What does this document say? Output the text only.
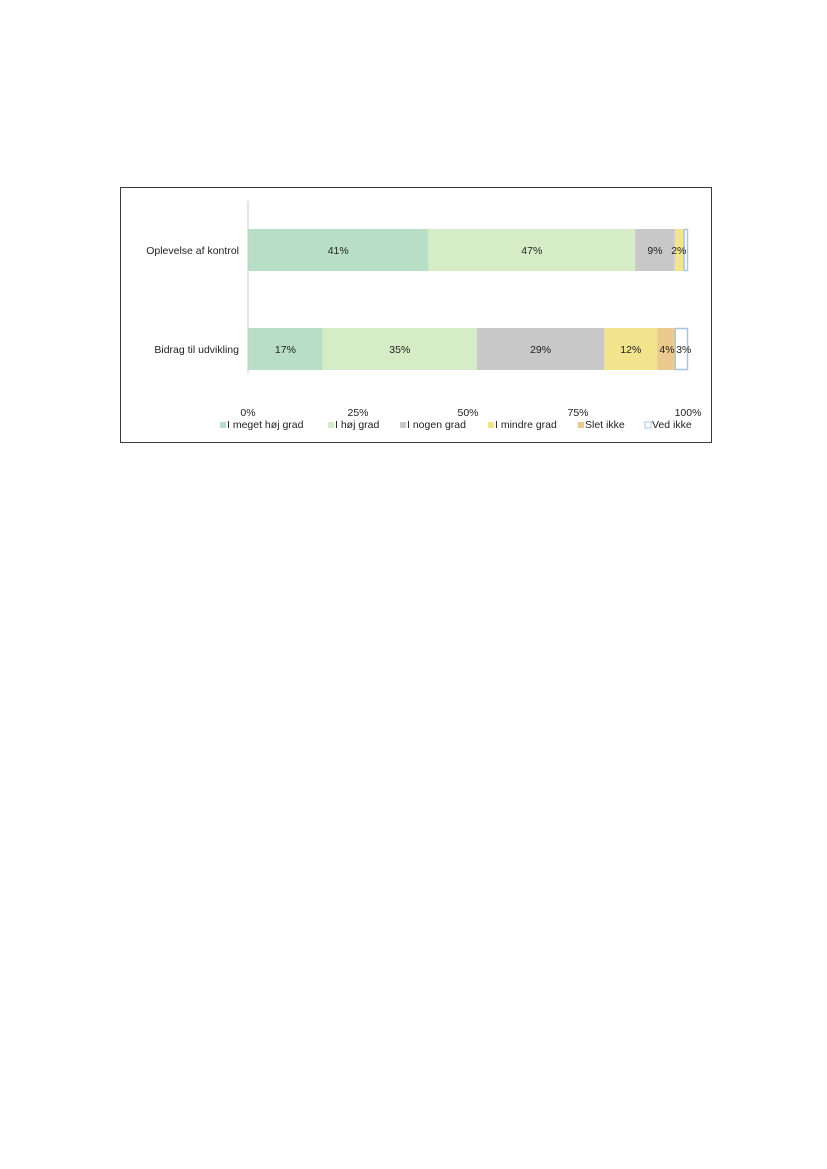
41%	47%	9% 2%
Oplevelse af kontrol
17%	35%	29%	12% 4% 3%
Bidrag til udvikling
0%	25%	50%	75%	100%
I meget høj grad	I høj grad	I nogen grad	I mindre grad	Slet ikke	Ved ikke
